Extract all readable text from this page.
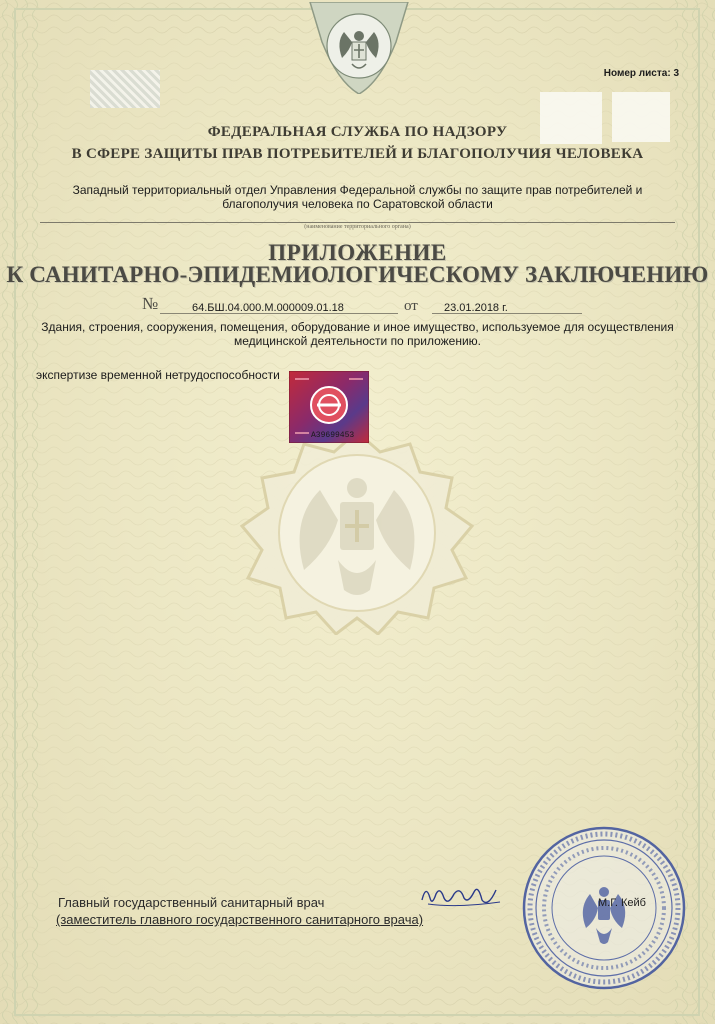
Номер листа: 3
ФЕДЕРАЛЬНАЯ СЛУЖБА ПО НАДЗОРУ
В СФЕРЕ ЗАЩИТЫ ПРАВ ПОТРЕБИТЕЛЕЙ И БЛАГОПОЛУЧИЯ ЧЕЛОВЕКА
Западный территориальный отдел Управления Федеральной службы по защите прав потребителей и благополучия человека по Саратовской области
(наименование территориального органа)
ПРИЛОЖЕНИЕ
К САНИТАРНО-ЭПИДЕМИОЛОГИЧЕСКОМУ ЗАКЛЮЧЕНИЮ
№	64.БШ.04.000.М.000009.01.18	от 23.01.2018 г.
Здания, строения, сооружения, помещения, оборудование и иное имущество, используемое для осуществления медицинской деятельности по приложению.
экспертизе временной нетрудоспособности
А39699453
Главный государственный санитарный врач
(заместитель главного государственного санитарного врача)
М.Г. Кейб
